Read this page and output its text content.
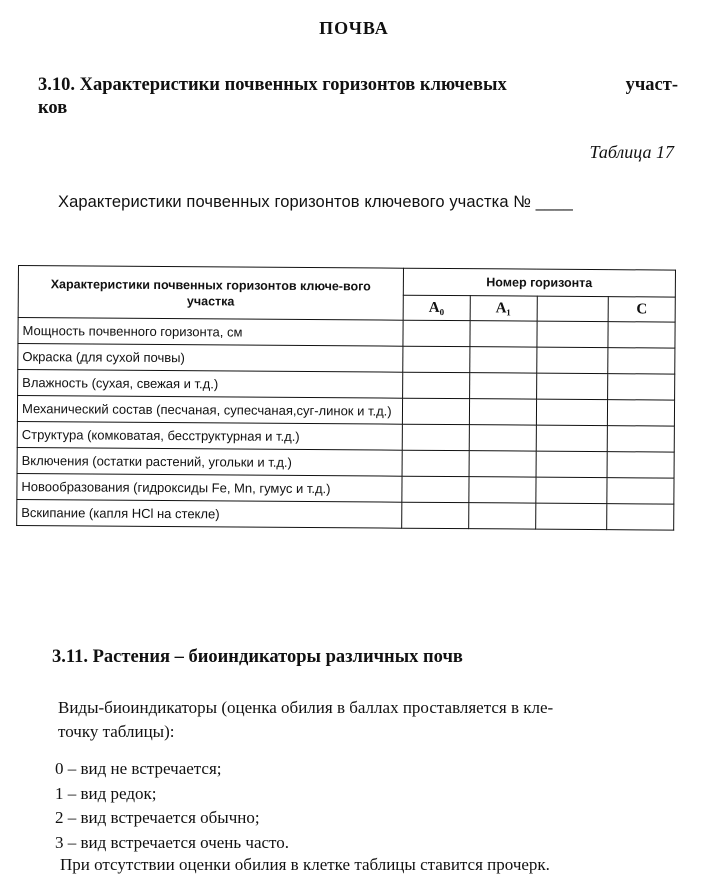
ПОЧВА
3.10. Характеристики почвенных горизонтов ключевых	участ-
ков
Таблица 17
Характеристики почвенных горизонтов ключевого участка № ____
Характеристики почвенных горизонтов ключе-вого участка	Номер горизонта			
	A₀	A₁		C
Мощность почвенного горизонта, см				
Окраска (для сухой почвы)				
Влажность (сухая, свежая и т.д.)				
Механический состав (песчаная, супесчаная,суг-линок и т.д.)				
Структура (комковатая, бесструктурная и т.д.)				
Включения (остатки растений, угольки и т.д.)				
Новообразования (гидроксиды Fe, Mn, гумус и т.д.)				
Вскипание (капля HCl на стекле)				
3.11. Растения – биоиндикаторы различных почв
Виды-биоиндикаторы (оценка обилия в баллах проставляется в кле-
точку таблицы):
0 – вид не встречается;
1 – вид редок;
2 – вид встречается обычно;
3 – вид встречается очень часто.
При отсутствии оценки обилия в клетке таблицы ставится прочерк.
